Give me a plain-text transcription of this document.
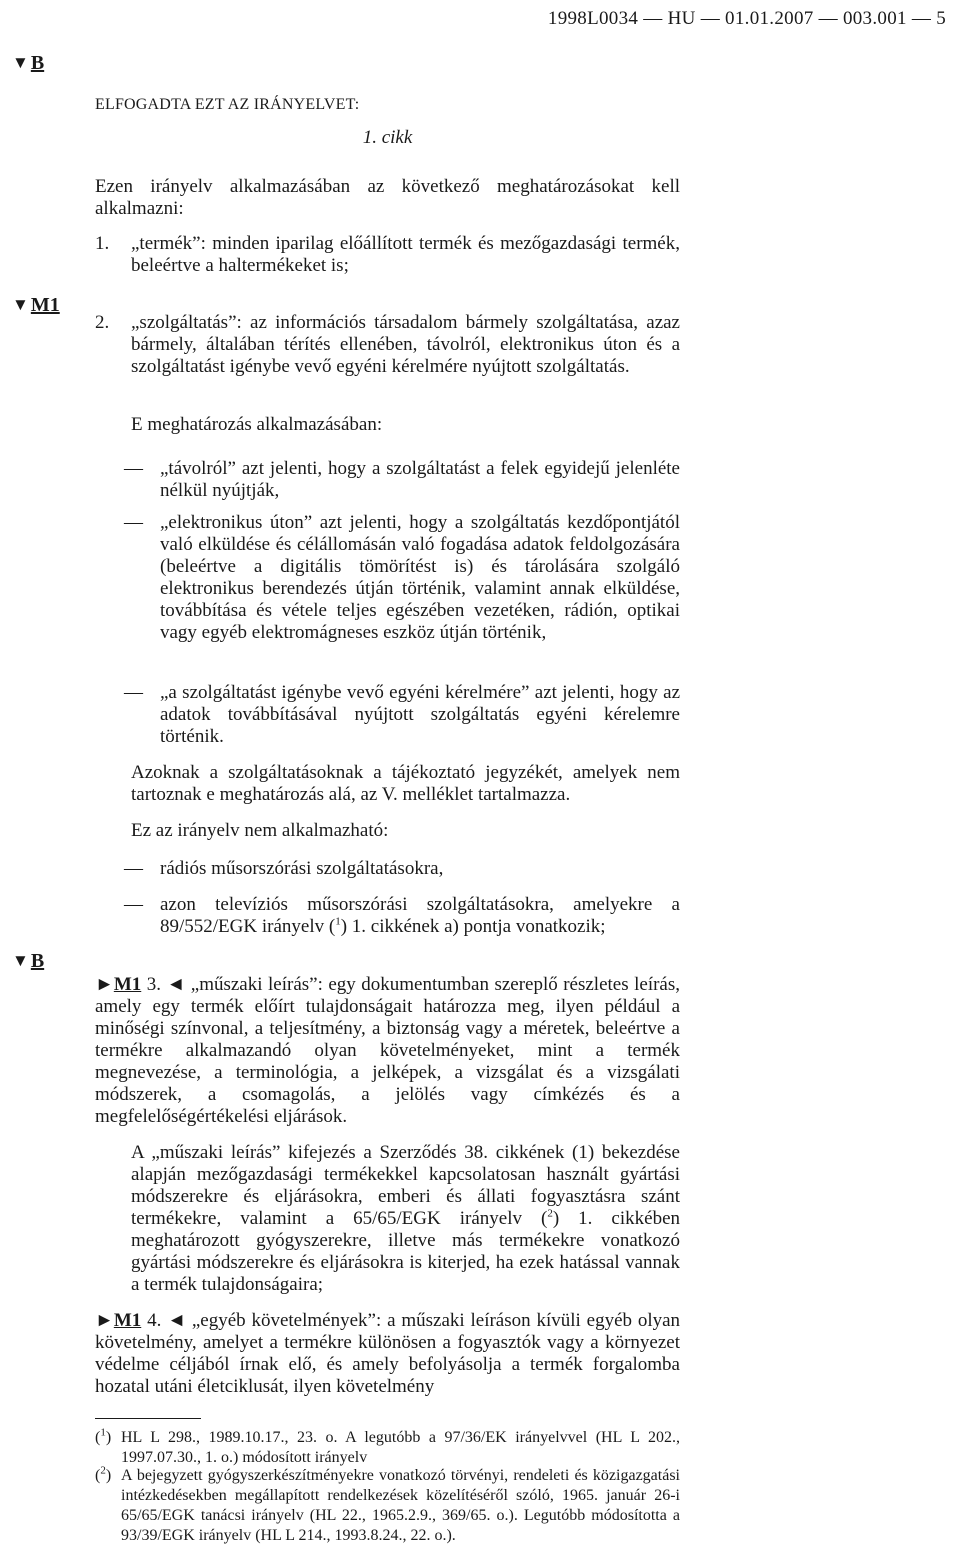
1998L0034 — HU — 01.01.2007 — 003.001 — 5
▼ B
▼ M1
▼ B
ELFOGADTA EZT AZ IRÁNYELVET:
1. cikk
Ezen irányelv alkalmazásában az következő meghatározásokat kell alkalmazni:
1. „termék”: minden iparilag előállított termék és mezőgazdasági termék, beleértve a haltermékeket is;
2. „szolgáltatás”: az információs társadalom bármely szolgáltatása, azaz bármely, általában térítés ellenében, távolról, elektronikus úton és a szolgáltatást igénybe vevő egyéni kérelmére nyújtott szolgáltatás.
E meghatározás alkalmazásában:
— „távolról” azt jelenti, hogy a szolgáltatást a felek egyidejű jelenléte nélkül nyújtják,
— „elektronikus úton” azt jelenti, hogy a szolgáltatás kezdőpontjától való elküldése és célállomásán való fogadása adatok feldolgozására (beleértve a digitális tömörítést is) és tárolására szolgáló elektronikus berendezés útján történik, valamint annak elküldése, továbbítása és vétele teljes egészében vezetéken, rádión, optikai vagy egyéb elektromágneses eszköz útján történik,
— „a szolgáltatást igénybe vevő egyéni kérelmére” azt jelenti, hogy az adatok továbbításával nyújtott szolgáltatás egyéni kérelemre történik.
Azoknak a szolgáltatásoknak a tájékoztató jegyzékét, amelyek nem tartoznak e meghatározás alá, az V. melléklet tartalmazza.
Ez az irányelv nem alkalmazható:
— rádiós műsorszórási szolgáltatásokra,
— azon televíziós műsorszórási szolgáltatásokra, amelyekre a 89/552/EGK irányelv ($^1$) 1. cikkének a) pontja vonatkozik;
►M1 3. ◄ „műszaki leírás”: egy dokumentumban szereplő részletes leírás, amely egy termék előírt tulajdonságait határozza meg, ilyen például a minőségi színvonal, a teljesítmény, a biztonság vagy a méretek, beleértve a termékre alkalmazandó olyan követelményeket, mint a termék megnevezése, a terminológia, a jelképek, a vizsgálat és a vizsgálati módszerek, a csomagolás, a jelölés vagy címkézés és a megfelelőségértékelési eljárások.
A „műszaki leírás” kifejezés a Szerződés 38. cikkének (1) bekezdése alapján mezőgazdasági termékekkel kapcsolatosan használt gyártási módszerekre és eljárásokra, emberi és állati fogyasztásra szánt termékekre, valamint a 65/65/EGK irányelv ($^2$) 1. cikkében meghatározott gyógyszerekre, illetve más termékekre vonatkozó gyártási módszerekre és eljárásokra is kiterjed, ha ezek hatással vannak a termék tulajdonságaira;
►M1 4. ◄ „egyéb követelmények”: a műszaki leíráson kívüli egyéb olyan követelmény, amelyet a termékre különösen a fogyasztók vagy a környezet védelme céljából írnak elő, és amely befolyásolja a termék forgalomba hozatal utáni életciklusát, ilyen követelmény
($^1$) HL L 298., 1989.10.17., 23. o. A legutóbb a 97/36/EK irányelvvel (HL L 202., 1997.07.30., 1. o.) módosított irányelv
($^2$) A bejegyzett gyógyszerkészítményekre vonatkozó törvényi, rendeleti és közigazgatási intézkedésekben megállapított rendelkezések közelítéséről szóló, 1965. január 26-i 65/65/EGK tanácsi irányelv (HL 22., 1965.2.9., 369/65. o.). Legutóbb módosította a 93/39/EGK irányelv (HL L 214., 1993.8.24., 22. o.).
